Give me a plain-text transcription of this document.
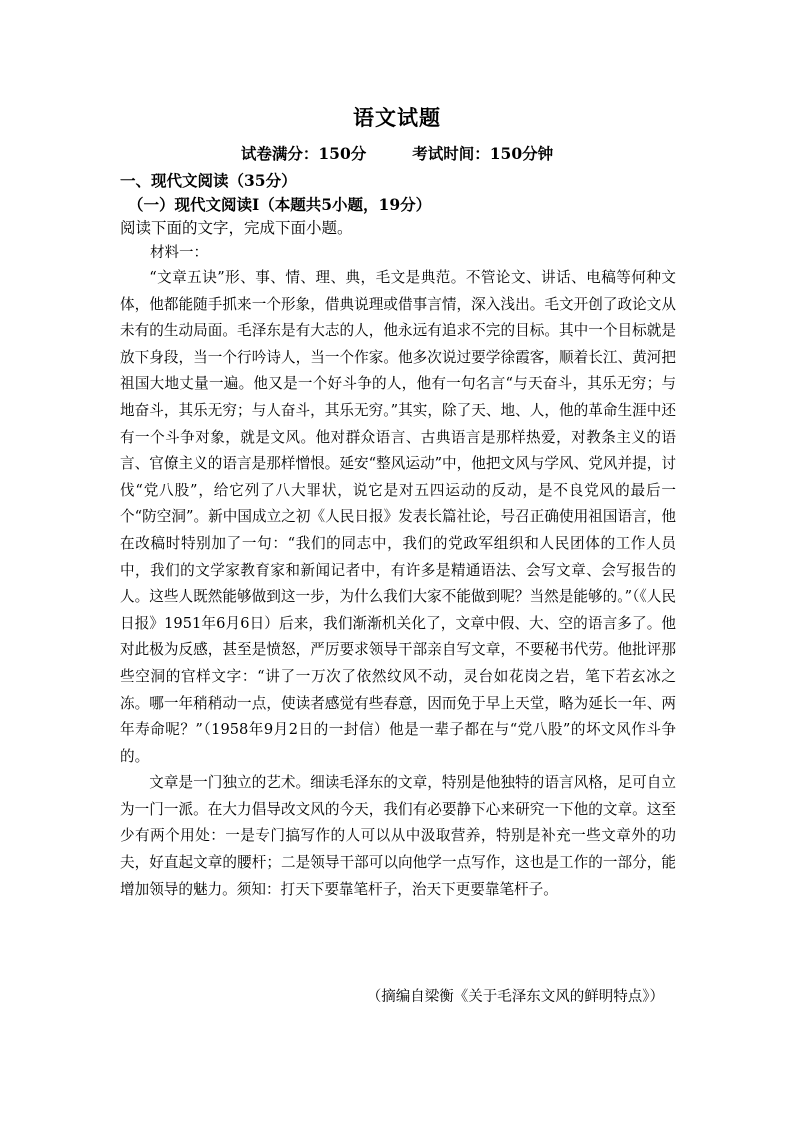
语文试题
试卷满分：150分	考试时间：150分钟
一、现代文阅读（35分）
（一）现代文阅读Ⅰ（本题共5小题，19分）
阅读下面的文字，完成下面小题。
材料一：

“文章五诀”形、事、情、理、典，毛文是典范。不管论文、讲话、电稿等何种文体，他都能随手抓来一个形象，借典说理或借事言情，深入浅出。毛文开创了政论文从未有的生动局面。毛泽东是有大志的人，他永远有追求不完的目标。其中一个目标就是放下身段，当一个行吟诗人，当一个作家。他多次说过要学徐霞客，顺着长江、黄河把祖国大地丈量一遍。他又是一个好斗争的人，他有一句名言“与天奋斗，其乐无穷；与地奋斗，其乐无穷；与人奋斗，其乐无穷。”其实，除了天、地、人，他的革命生涯中还有一个斗争对象，就是文风。他对群众语言、古典语言是那样热爱，对教条主义的语言、官僚主义的语言是那样憎恨。延安“整风运动”中，他把文风与学风、党风并提，讨伐“党八股”，给它列了八大罪状，说它是对五四运动的反动，是不良党风的最后一个“防空洞”。新中国成立之初《人民日报》发表长篇社论，号召正确使用祖国语言，他在改稿时特别加了一句：“我们的同志中，我们的党政军组织和人民团体的工作人员中，我们的文学家教育家和新闻记者中，有许多是精通语法、会写文章、会写报告的人。这些人既然能够做到这一步，为什么我们大家不能做到呢？当然是能够的。”（《人民日报》1951年6月6日）后来，我们渐渐机关化了，文章中假、大、空的语言多了。他对此极为反感，甚至是愤怒，严厉要求领导干部亲自写文章，不要秘书代劳。他批评那些空洞的官样文字：“讲了一万次了依然纹风不动，灵台如花岗之岩，笔下若玄冰之冻。哪一年稍稍动一点，使读者感觉有些春意，因而免于早上天堂，略为延长一年、两年寿命呢？”（1958年9月2日的一封信）他是一辈子都在与“党八股”的坏文风作斗争的。

文章是一门独立的艺术。细读毛泽东的文章，特别是他独特的语言风格，足可自立为一门一派。在大力倡导改文风的今天，我们有必要静下心来研究一下他的文章。这至少有两个用处：一是专门搞写作的人可以从中汲取营养，特别是补充一些文章外的功夫，好直起文章的腰杆；二是领导干部可以向他学一点写作，这也是工作的一部分，能增加领导的魅力。须知：打天下要靠笔杆子，治天下更要靠笔杆子。

（摘编自梁衡《关于毛泽东文风的鲜明特点》）
